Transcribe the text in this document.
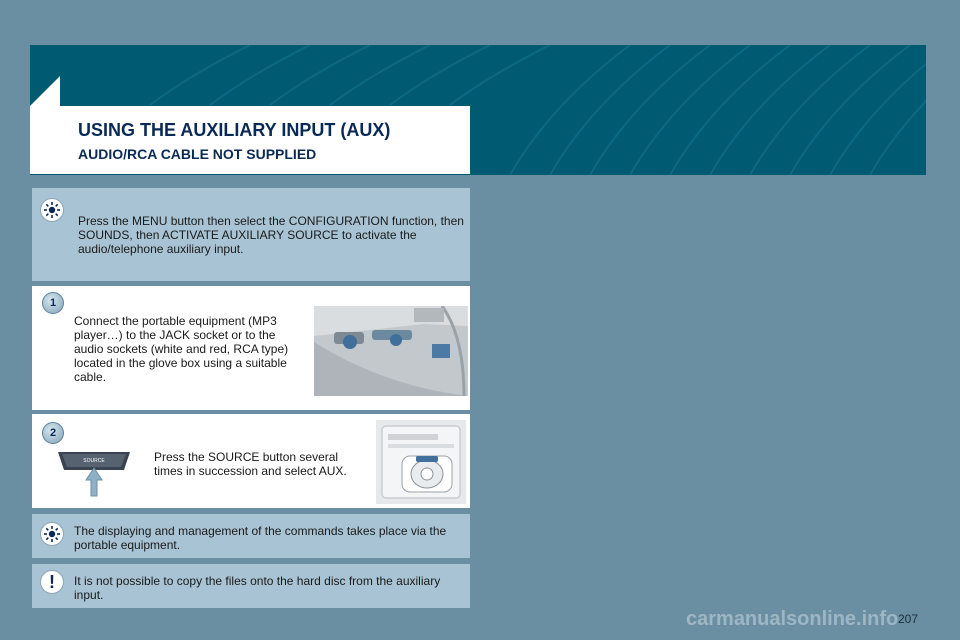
USING THE AUXILIARY INPUT (AUX)
AUDIO/RCA CABLE NOT SUPPLIED
Press the MENU button then select the CONFIGURATION function, then SOUNDS, then ACTIVATE AUXILIARY SOURCE to activate the audio/telephone auxiliary input.
1
Connect the portable equipment (MP3 player…) to the JACK socket or to the audio sockets (white and red, RCA type) located in the glove box using a suitable cable.
2
SOURCE	Press the SOURCE button several times in succession and select AUX.
The displaying and management of the commands takes place via the portable equipment.
!	It is not possible to copy the files onto the hard disc from the auxiliary input.
carmanualsonline.info 207
